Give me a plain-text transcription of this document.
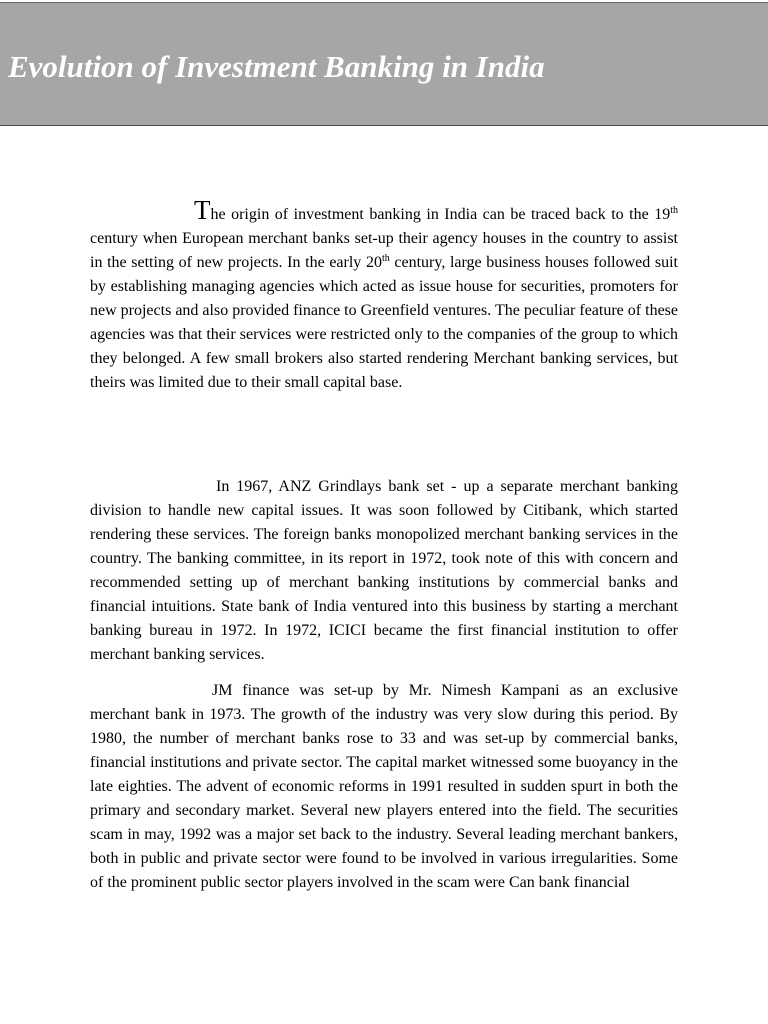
Evolution of Investment Banking in India

The origin of investment banking in India can be traced back to the 19th century when European merchant banks set-up their agency houses in the country to assist in the setting of new projects. In the early 20th century, large business houses followed suit by establishing managing agencies which acted as issue house for securities, promoters for new projects and also provided finance to Greenfield ventures. The peculiar feature of these agencies was that their services were restricted only to the companies of the group to which they belonged. A few small brokers also started rendering Merchant banking services, but theirs was limited due to their small capital base.

In 1967, ANZ Grindlays bank set - up a separate merchant banking division to handle new capital issues. It was soon followed by Citibank, which started rendering these services. The foreign banks monopolized merchant banking services in the country. The banking committee, in its report in 1972, took note of this with concern and recommended setting up of merchant banking institutions by commercial banks and financial intuitions. State bank of India ventured into this business by starting a merchant banking bureau in 1972. In 1972, ICICI became the first financial institution to offer merchant banking services.

JM finance was set-up by Mr. Nimesh Kampani as an exclusive merchant bank in 1973. The growth of the industry was very slow during this period. By 1980, the number of merchant banks rose to 33 and was set-up by commercial banks, financial institutions and private sector. The capital market witnessed some buoyancy in the late eighties. The advent of economic reforms in 1991 resulted in sudden spurt in both the primary and secondary market. Several new players entered into the field. The securities scam in may, 1992 was a major set back to the industry. Several leading merchant bankers, both in public and private sector were found to be involved in various irregularities. Some of the prominent public sector players involved in the scam were Can bank financial
